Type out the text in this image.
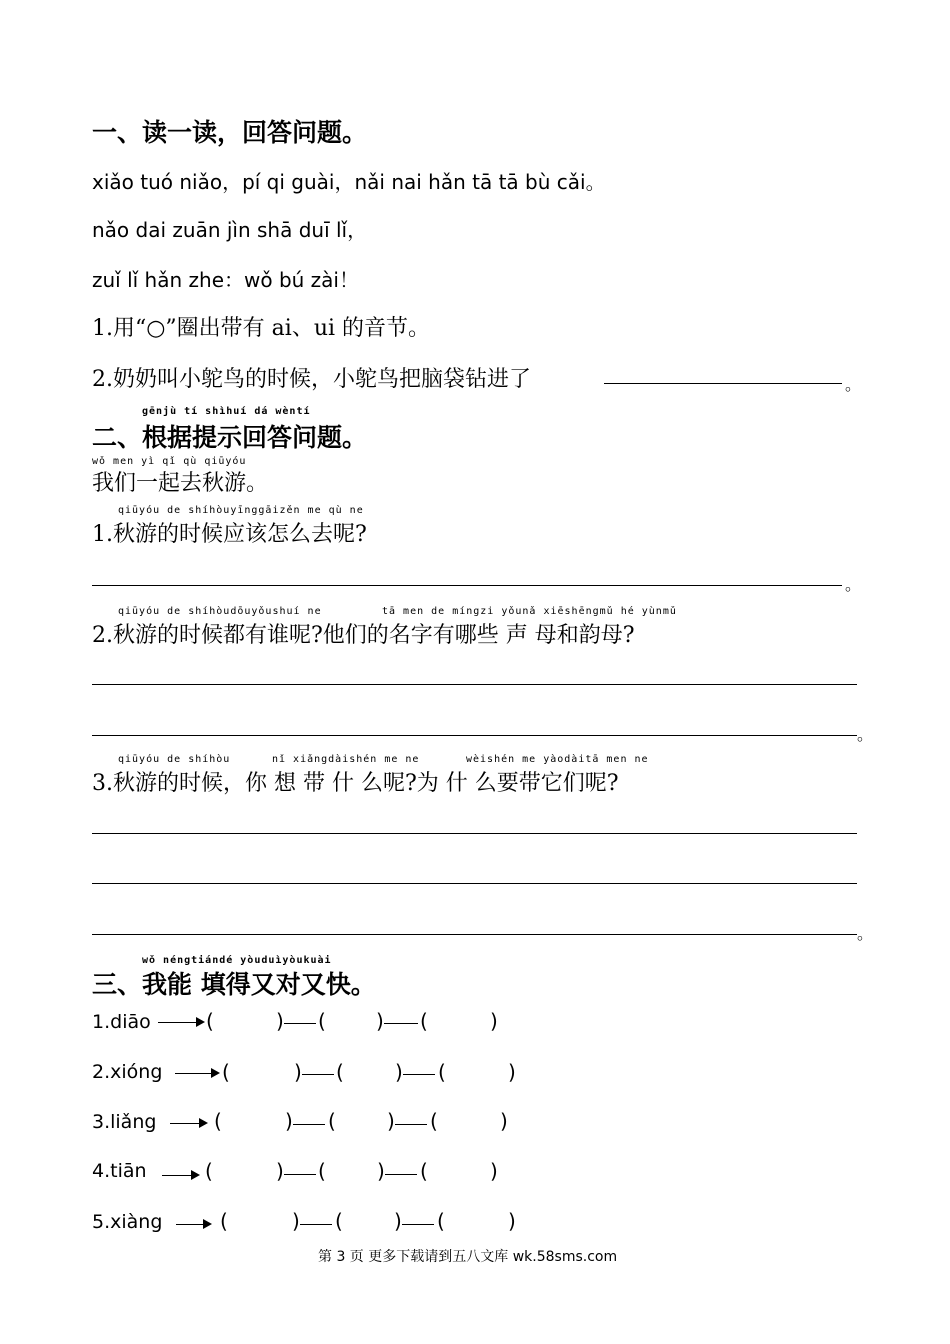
一、读一读，回答问题。
xiǎo tuó niǎo，pí qi guài，nǎi nai hǎn tā tā bù cǎi。
nǎo dai zuān jìn shā duī lǐ，
zuǐ lǐ hǎn zhe：wǒ bú zài！
1.用“○”圈出带有 ai、ui 的音节。
2.奶奶叫小鸵鸟的时候，小鸵鸟把脑袋钻进了	。
gēnjù tí shìhuí dá wèntí
二、根据提示回答问题。
wǒ men yì qǐ qù qiūyóu
我们一起去秋游。
qiūyóu de shíhòuyīnggāizěn me qù ne
1.秋游的时候应该怎么去呢?
。
qiūyóu de shíhòudōuyǒushuí ne	tā men de míngzi yǒunǎ xiēshēngmǔ hé yùnmǔ
2.秋游的时候都有谁呢?他们的名字有哪些 声 母和韵母?
。
qiūyóu de shíhòu	nǐ xiǎngdàishén me ne	wèishén me yàodàitā men ne
3.秋游的时候，你 想 带 什 么呢?为 什 么要带它们呢?
。
wǒ néngtiándé yòuduìyòukuài
三、我能 填得又对又快。
1.diāo	(	) (	) (	)
2.xióng	(	) (	) (	)
3.liǎng	(	) (	) (	)
4.tiān	(	) (	) (	)
5.xiàng	(	) (	) (	)
第 3 页 更多下载请到五八文库 wk.58sms.com
